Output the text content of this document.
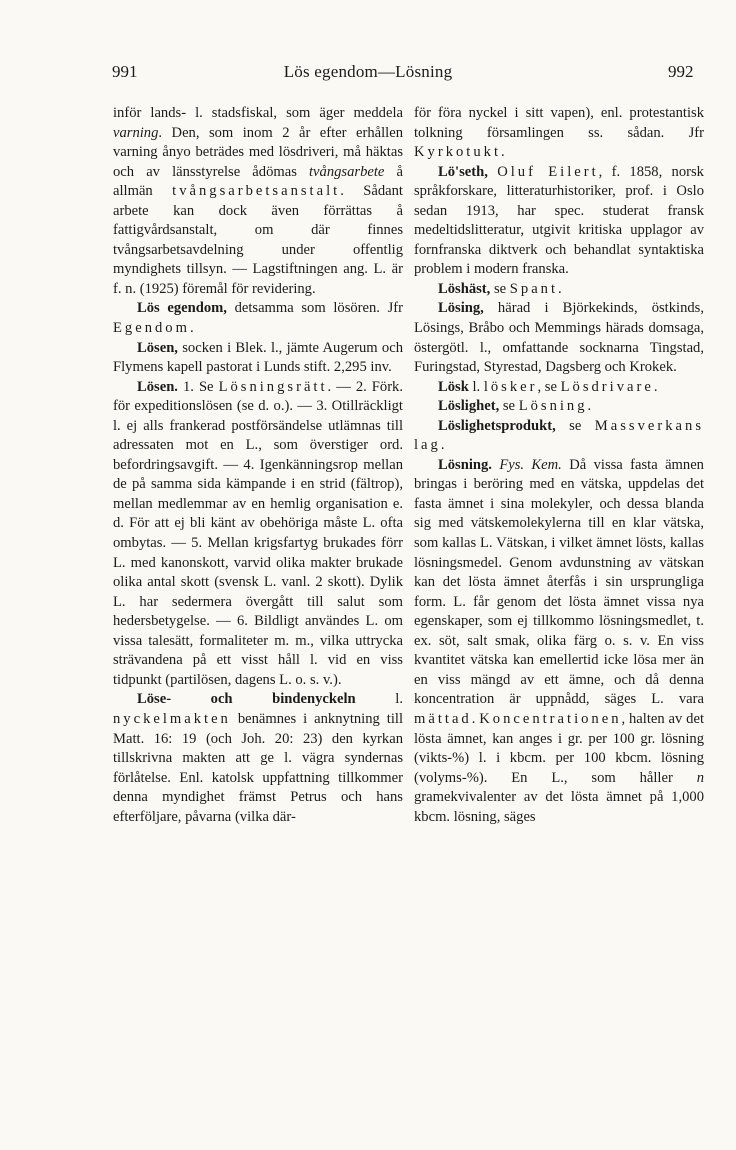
991	Lös egendom—Lösning	992

inför lands- l. stadsfiskal, som äger meddela varning. Den, som inom 2 år efter erhållen varning ånyo beträdes med lösdriveri, må häktas och av länsstyrelse ådömas tvångsarbete å allmän tvångsarbetsanstalt. Sådant arbete kan dock även förrättas å fattigvårdsanstalt, om där finnes tvångsarbetsavdelning under offentlig myndighets tillsyn. — Lagstiftningen ang. L. är f. n. (1925) föremål för revidering.

Lös egendom, detsamma som lösören. Jfr Egendom.

Lösen, socken i Blek. l., jämte Augerum och Flymens kapell pastorat i Lunds stift. 2,295 inv.

Lösen. 1. Se Lösningsrätt. — 2. Förk. för expeditionslösen (se d. o.). — 3. Otillräckligt l. ej alls frankerad postförsändelse utlämnas till adressaten mot en L., som överstiger ord. befordringsavgift. — 4. Igenkänningsrop mellan de på samma sida kämpande i en strid (fältrop), mellan medlemmar av en hemlig organisation e. d. För att ej bli känt av obehöriga måste L. ofta ombytas. — 5. Mellan krigsfartyg brukades förr L. med kanonskott, varvid olika makter brukade olika antal skott (svensk L. vanl. 2 skott). Dylik L. har sedermera övergått till salut som hedersbetygelse. — 6. Bildligt användes L. om vissa talesätt, formaliteter m. m., vilka uttrycka strävandena på ett visst håll l. vid en viss tidpunkt (partilösen, dagens L. o. s. v.).

Löse- och bindenyckeln l. nyckelmakten benämnes i anknytning till Matt. 16: 19 (och Joh. 20: 23) den kyrkan tillskrivna makten att ge l. vägra syndernas förlåtelse. Enl. katolsk uppfattning tillkommer denna myndighet främst Petrus och hans efterföljare, påvarna (vilka där-

för föra nyckel i sitt vapen), enl. protestantisk tolkning församlingen ss. sådan. Jfr Kyrkotukt.

Lö'seth, Oluf Eilert, f. 1858, norsk språkforskare, litteraturhistoriker, prof. i Oslo sedan 1913, har spec. studerat fransk medeltidslitteratur, utgivit kritiska upplagor av fornfranska diktverk och behandlat syntaktiska problem i modern franska.

Löshäst, se Spant.

Lösing, härad i Björkekinds, östkinds, Lösings, Bråbo och Memmings härads domsaga, östergötl. l., omfattande socknarna Tingstad, Furingstad, Styrestad, Dagsberg och Krokek.

Lösk l. lösker, se Lösdrivare.

Löslighet, se Lösning.

Löslighetsprodukt, se Massverkans lag.

Lösning. Fys. Kem. Då vissa fasta ämnen bringas i beröring med en vätska, uppdelas det fasta ämnet i sina molekyler, och dessa blanda sig med vätskemolekylerna till en klar vätska, som kallas L. Vätskan, i vilket ämnet lösts, kallas lösningsmedel. Genom avdunstning av vätskan kan det lösta ämnet återfås i sin ursprungliga form. L. får genom det lösta ämnet vissa nya egenskaper, som ej tillkommo lösningsmedlet, t. ex. söt, salt smak, olika färg o. s. v. En viss kvantitet vätska kan emellertid icke lösa mer än en viss mängd av ett ämne, och då denna koncentration är uppnådd, säges L. vara mättad. Koncentrationen, halten av det lösta ämnet, kan anges i gr. per 100 gr. lösning (vikts-%) l. i kbcm. per 100 kbcm. lösning (volyms-%). En L., som håller n gramekvivalenter av det lösta ämnet på 1,000 kbcm. lösning, säges
